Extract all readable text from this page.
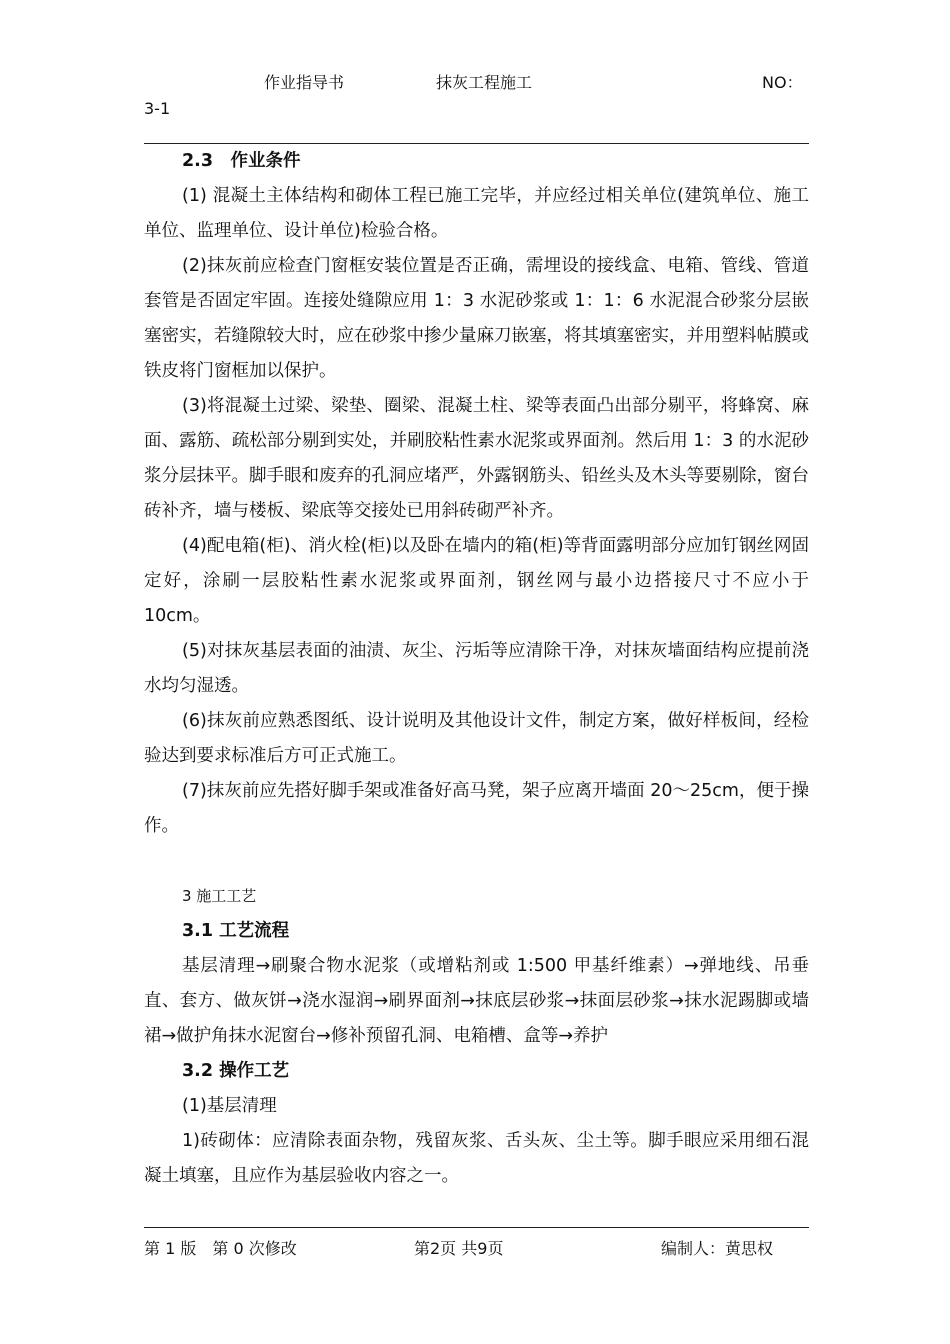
作业指导书	抹灰工程施工	NO：
3-1

2.3　作业条件

(1) 混凝土主体结构和砌体工程已施工完毕，并应经过相关单位(建筑单位、施工单位、监理单位、设计单位)检验合格。

(2)抹灰前应检查门窗框安装位置是否正确，需埋设的接线盒、电箱、管线、管道套管是否固定牢固。连接处缝隙应用 1：3 水泥砂浆或 1：1：6 水泥混合砂浆分层嵌塞密实，若缝隙较大时，应在砂浆中掺少量麻刀嵌塞，将其填塞密实，并用塑料帖膜或铁皮将门窗框加以保护。

(3)将混凝土过梁、梁垫、圈梁、混凝土柱、梁等表面凸出部分剔平，将蜂窝、麻面、露筋、疏松部分剔到实处，并刷胶粘性素水泥浆或界面剂。然后用 1：3 的水泥砂浆分层抹平。脚手眼和废弃的孔洞应堵严，外露钢筋头、铅丝头及木头等要剔除，窗台砖补齐，墙与楼板、梁底等交接处已用斜砖砌严补齐。

(4)配电箱(柜)、消火栓(柜)以及卧在墙内的箱(柜)等背面露明部分应加钉钢丝网固定好，涂刷一层胶粘性素水泥浆或界面剂，钢丝网与最小边搭接尺寸不应小于 10cm。

(5)对抹灰基层表面的油渍、灰尘、污垢等应清除干净，对抹灰墙面结构应提前浇水均匀湿透。

(6)抹灰前应熟悉图纸、设计说明及其他设计文件，制定方案，做好样板间，经检验达到要求标准后方可正式施工。

(7)抹灰前应先搭好脚手架或准备好高马凳，架子应离开墙面 20～25cm，便于操作。

3 施工工艺

3.1 工艺流程

基层清理→刷聚合物水泥浆（或增粘剂或 1:500 甲基纤维素）→弹地线、吊垂直、套方、做灰饼→浇水湿润→刷界面剂→抹底层砂浆→抹面层砂浆→抹水泥踢脚或墙裙→做护角抹水泥窗台→修补预留孔洞、电箱槽、盒等→养护

3.2 操作工艺

(1)基层清理

1)砖砌体：应清除表面杂物，残留灰浆、舌头灰、尘土等。脚手眼应采用细石混凝土填塞，且应作为基层验收内容之一。

第 1 版　第 0 次修改	第2页 共9页	编制人：黄思权
